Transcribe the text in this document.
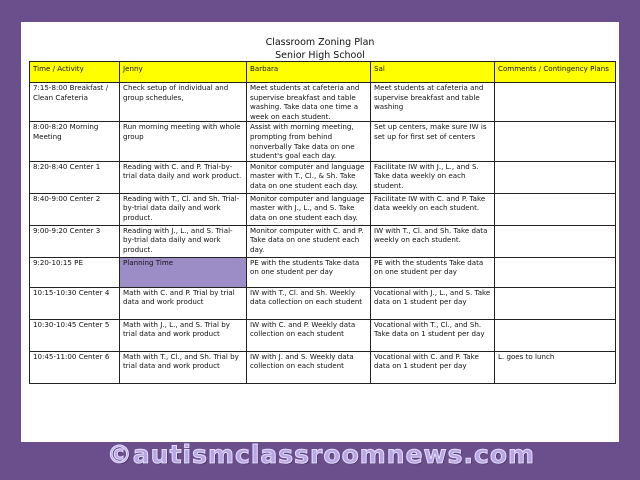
Classroom Zoning Plan
Senior High School
Time / Activity	Jenny	Barbara	Sal	Comments / Contingency Plans
7:15-8:00 Breakfast / Clean Cafeteria	Check setup of individual and group schedules,	Meet students at cafeteria and supervise breakfast and table washing. Take data one time a week on each student.	Meet students at cafeteria and supervise breakfast and table washing	
8:00-8:20 Morning Meeting	Run morning meeting with whole group	Assist with morning meeting, prompting from behind nonverbally Take data on one student's goal each day.	Set up centers, make sure IW is set up for first set of centers	
8:20-8:40 Center 1	Reading with C. and P. Trial-by-trial data daily and work product.	Monitor computer and language master with T., Cl., & Sh. Take data on one student each day.	Facilitate IW with J., L., and S. Take data weekly on each student.	
8:40-9:00 Center 2	Reading with T., Cl. and Sh. Trial-by-trial data daily and work product.	Monitor computer and language master with J., L., and S. Take data on one student each day.	Facilitate IW with C. and P. Take data weekly on each student.	
9:00-9:20 Center 3	Reading with J., L., and S. Trial-by-trial data daily and work product.	Monitor computer with C. and P. Take data on one student each day.	IW with T., Cl. and Sh. Take data weekly on each student.	
9:20-10:15 PE	Planning Time	PE with the students Take data on one student per day	PE with the students Take data on one student per day	
10:15-10:30 Center 4	Math with C. and P. Trial by trial data and work product	IW with T., Cl. and Sh. Weekly data collection on each student	Vocational with J., L., and S. Take data on 1 student per day	
10:30-10:45 Center 5	Math with J., L., and S. Trial by trial data and work product	IW with C. and P. Weekly data collection on each student	Vocational with T., Cl., and Sh. Take data on 1 student per day	
10:45-11:00 Center 6	Math with T., Cl., and Sh. Trial by trial data and work product	IW with J. and S. Weekly data collection on each student	Vocational with C. and P. Take data on 1 student per day	L. goes to lunch
©autismclassroomnews.com
